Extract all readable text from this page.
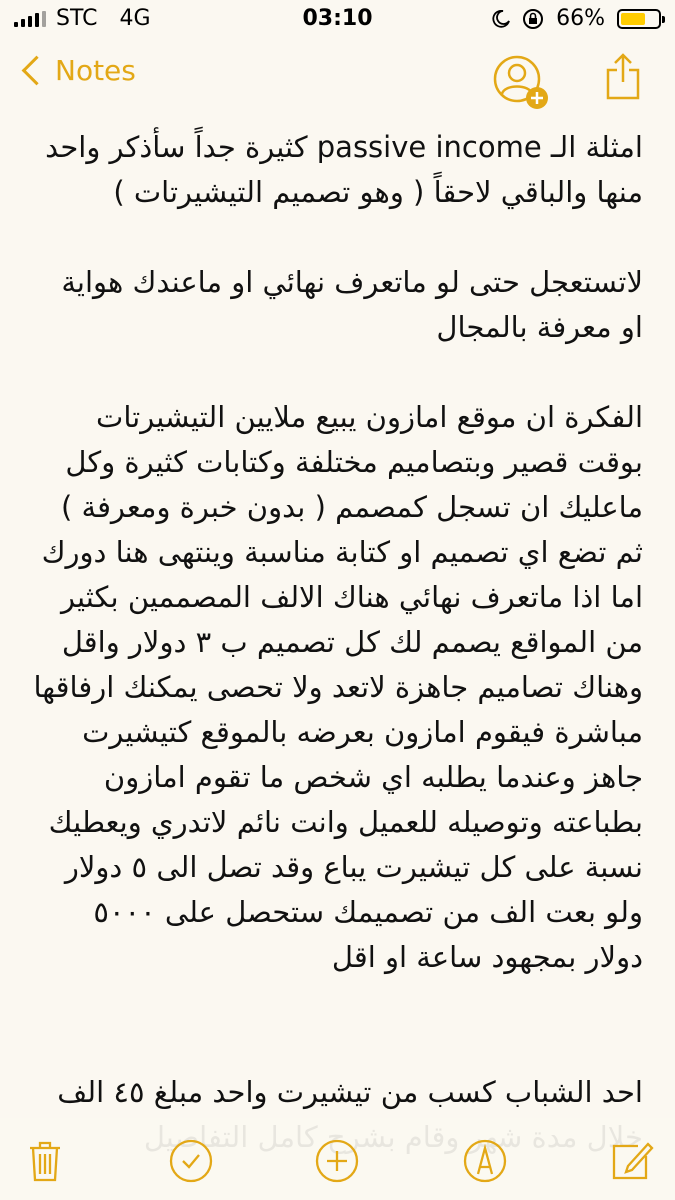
STC 4G	03:10	66%
Notes

امثلة الـ passive income كثيرة جداً سأذكر واحد منها والباقي لاحقاً ( وهو تصميم التيشيرتات )

لاتستعجل حتى لو ماتعرف نهائي او ماعندك هواية او معرفة بالمجال

الفكرة ان موقع امازون يبيع ملايين التيشيرتات بوقت قصير وبتصاميم مختلفة وكتابات كثيرة وكل ماعليك ان تسجل كمصمم ( بدون خبرة ومعرفة ) ثم تضع اي تصميم او كتابة مناسبة وينتهى هنا دورك اما اذا ماتعرف نهائي هناك الالف المصممين بكثير من المواقع يصمم لك كل تصميم ب ٣ دولار واقل وهناك تصاميم جاهزة لاتعد ولا تحصى يمكنك ارفاقها مباشرة فيقوم امازون بعرضه بالموقع كتيشيرت جاهز وعندما يطلبه اي شخص ما تقوم امازون بطباعته وتوصيله للعميل وانت نائم لاتدري ويعطيك نسبة على كل تيشيرت يباع وقد تصل الى ٥ دولار ولو بعت الف من تصميمك ستحصل على ٥٠٠٠ دولار بمجهود ساعة او اقل

احد الشباب كسب من تيشيرت واحد مبلغ ٤٥ الف
